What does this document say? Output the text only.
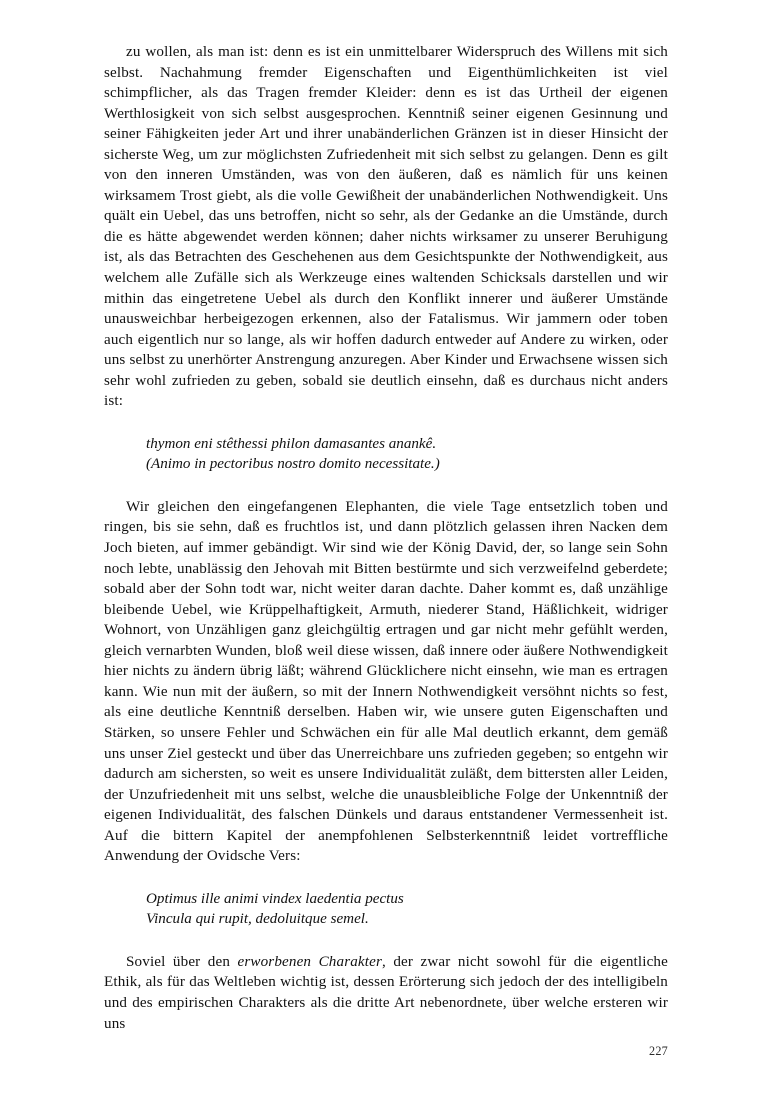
zu wollen, als man ist: denn es ist ein unmittelbarer Widerspruch des Willens mit sich selbst. Nachahmung fremder Eigenschaften und Eigenthümlichkeiten ist viel schimpflicher, als das Tragen fremder Kleider: denn es ist das Urtheil der eigenen Werthlosigkeit von sich selbst ausgesprochen. Kenntniß seiner eigenen Gesinnung und seiner Fähigkeiten jeder Art und ihrer unabänderlichen Gränzen ist in dieser Hinsicht der sicherste Weg, um zur möglichsten Zufriedenheit mit sich selbst zu gelangen. Denn es gilt von den inneren Umständen, was von den äußeren, daß es nämlich für uns keinen wirksamem Trost giebt, als die volle Gewißheit der unabänderlichen Nothwendigkeit. Uns quält ein Uebel, das uns betroffen, nicht so sehr, als der Gedanke an die Umstände, durch die es hätte abgewendet werden können; daher nichts wirksamer zu unserer Beruhigung ist, als das Betrachten des Geschehenen aus dem Gesichtspunkte der Nothwendigkeit, aus welchem alle Zufälle sich als Werkzeuge eines waltenden Schicksals darstellen und wir mithin das eingetretene Uebel als durch den Konflikt innerer und äußerer Umstände unausweichbar herbeigezogen erkennen, also der Fatalismus. Wir jammern oder toben auch eigentlich nur so lange, als wir hoffen dadurch entweder auf Andere zu wirken, oder uns selbst zu unerhörter Anstrengung anzuregen. Aber Kinder und Erwachsene wissen sich sehr wohl zufrieden zu geben, sobald sie deutlich einsehn, daß es durchaus nicht anders ist:

thymon eni stêthessi philon damasantes anankê.
(Animo in pectoribus nostro domito necessitate.)

Wir gleichen den eingefangenen Elephanten, die viele Tage entsetzlich toben und ringen, bis sie sehn, daß es fruchtlos ist, und dann plötzlich gelassen ihren Nacken dem Joch bieten, auf immer gebändigt. Wir sind wie der König David, der, so lange sein Sohn noch lebte, unablässig den Jehovah mit Bitten bestürmte und sich verzweifelnd geberdete; sobald aber der Sohn todt war, nicht weiter daran dachte. Daher kommt es, daß unzählige bleibende Uebel, wie Krüppelhaftigkeit, Armuth, niederer Stand, Häßlichkeit, widriger Wohnort, von Unzähligen ganz gleichgültig ertragen und gar nicht mehr gefühlt werden, gleich vernarbten Wunden, bloß weil diese wissen, daß innere oder äußere Nothwendigkeit hier nichts zu ändern übrig läßt; während Glücklichere nicht einsehn, wie man es ertragen kann. Wie nun mit der äußern, so mit der Innern Nothwendigkeit versöhnt nichts so fest, als eine deutliche Kenntniß derselben. Haben wir, wie unsere guten Eigenschaften und Stärken, so unsere Fehler und Schwächen ein für alle Mal deutlich erkannt, dem gemäß uns unser Ziel gesteckt und über das Unerreichbare uns zufrieden gegeben; so entgehn wir dadurch am sichersten, so weit es unsere Individualität zuläßt, dem bittersten aller Leiden, der Unzufriedenheit mit uns selbst, welche die unausbleibliche Folge der Unkenntniß der eigenen Individualität, des falschen Dünkels und daraus entstandener Vermessenheit ist. Auf die bittern Kapitel der anempfohlenen Selbsterkenntniß leidet vortreffliche Anwendung der Ovidsche Vers:

Optimus ille animi vindex laedentia pectus
Vincula qui rupit, dedoluitque semel.

Soviel über den erworbenen Charakter, der zwar nicht sowohl für die eigentliche Ethik, als für das Weltleben wichtig ist, dessen Erörterung sich jedoch der des intelligibeln und des empirischen Charakters als die dritte Art nebenordnete, über welche ersteren wir uns

227
